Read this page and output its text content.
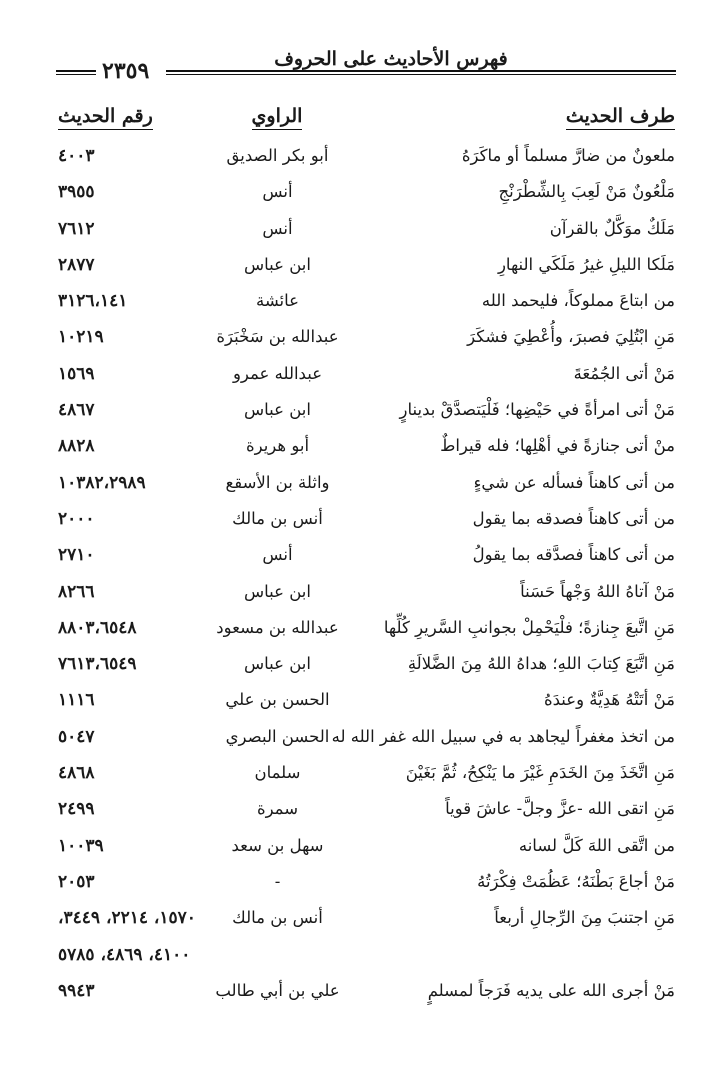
٢٣٥٩	فهرس الأحاديث على الحروف
طرف الحديث
الراوي
رقم الحديث
ملعونٌ من ضارَّ مسلماً أو ماكَرَهُ
أبو بكر الصديق
٤٠٠٣
مَلْعُونٌ مَنْ لَعِبَ بِالشِّطْرَنْجِ
أنس
٣٩٥٥
مَلَكٌ موَكَّلٌ بالقرآن
أنس
٧٦١٢
مَلَكا الليلِ غيرُ مَلَكَي النهارِ
ابن عباس
٢٨٧٧
من ابتاعَ مملوكاً، فليحمد الله
عائشة
٣١٢٦،١٤١
مَنِ ابْتُلِيَ فصبرَ، وأُعْطِيَ فشكَرَ
عبدالله بن سَخْبَرَة
١٠٢١٩
مَنْ أتى الجُمُعَةَ
عبدالله عمرو
١٥٦٩
مَنْ أتى امرأةً في حَيْضِها؛ فَلْيَتصدَّقْ بدينارٍ
ابن عباس
٤٨٦٧
منْ أتى جنازةً في أهْلِها؛ فله قيراطٌ
أبو هريرة
٨٨٢٨
من أتى كاهناً فسأله عن شيءٍ
واثلة بن الأسقع
١٠٣٨٢،٢٩٨٩
من أتى كاهناً فصدقه بما يقول
أنس بن مالك
٢٠٠٠
من أتى كاهناً فصدَّقه بما يقولُ
أنس
٢٧١٠
مَنْ آتاهُ اللهُ وَجْهاً حَسَناً
ابن عباس
٨٢٦٦
مَنِ اتَّبعَ جِنازةً؛ فلْيَحْمِلْ بجوانبِ السَّريرِ كُلِّها
عبدالله بن مسعود
٨٨٠٣،٦٥٤٨
مَنِ اتَّبَعَ كِتابَ اللهِ؛ هداهُ اللهُ مِنَ الضَّلالَةِ
ابن عباس
٧٦١٣،٦٥٤٩
مَنْ أتَتْهُ هَدِيَّةٌ وعندَهُ
الحسن بن علي
١١١٦
من اتخذ مغفراً ليجاهد به في سبيل الله غفر الله له
الحسن البصري
٥٠٤٧
مَنِ اتَّخَذَ مِنَ الخَدَمِ غَيْرَ ما يَنْكِحُ، ثُمَّ بَغَيْنَ
سلمان
٤٨٦٨
مَنِ اتقى الله -عزَّ وجلَّ- عاشَ قوياً
سمرة
٢٤٩٩
من اتَّقى اللهَ كَلَّ لسانه
سهل بن سعد
١٠٠٣٩
مَنْ أجاعَ بَطْنَهُ؛ عَظُمَتْ فِكْرَتُهُ
-
٢٠٥٣
مَنِ اجتنبَ مِنَ الرِّجالِ أربعاً
أنس بن مالك
١٥٧٠، ٢٢١٤، ٣٤٤٩،
٤١٠٠، ٤٨٦٩، ٥٧٨٥
مَنْ أجرى الله على يديه فَرَجاً لمسلمٍ
علي بن أبي طالب
٩٩٤٣
